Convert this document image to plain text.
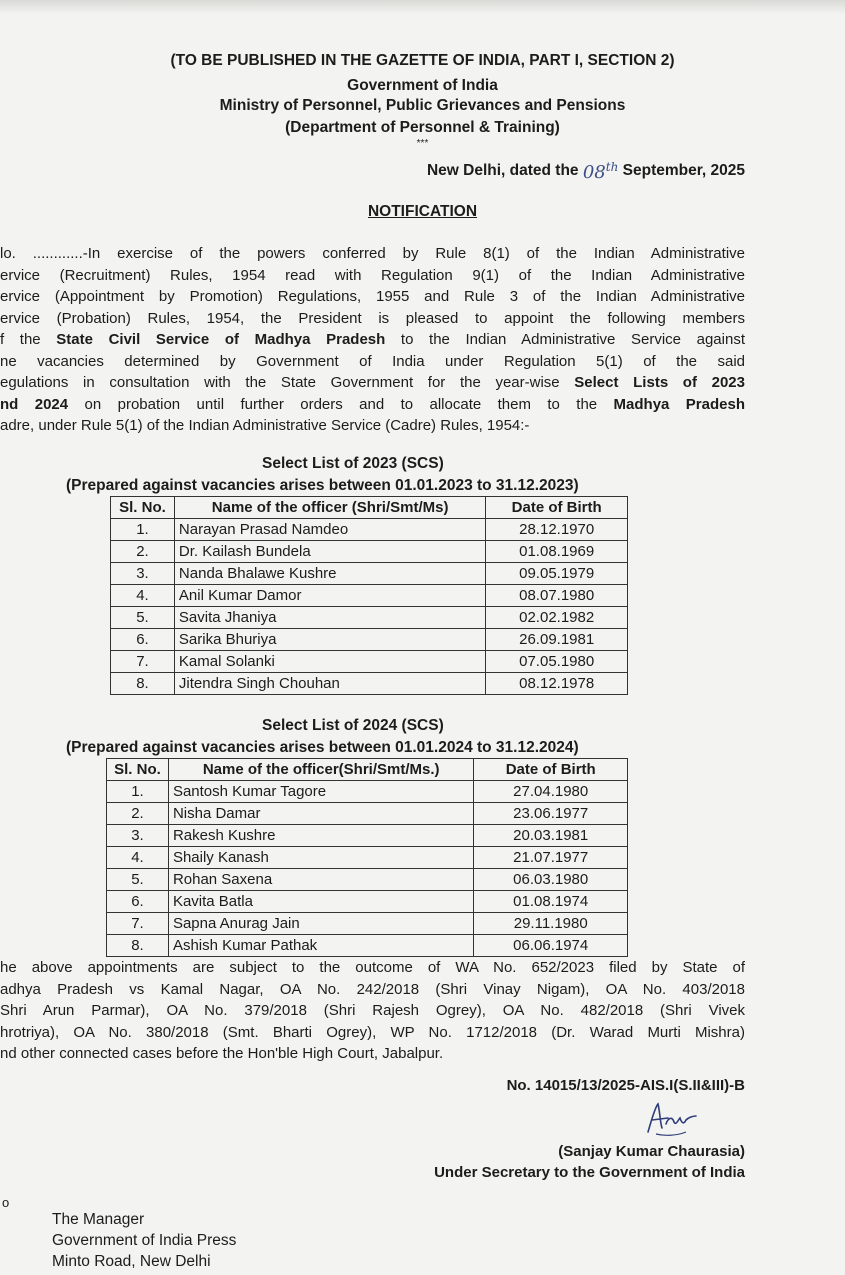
(TO BE PUBLISHED IN THE GAZETTE OF INDIA, PART I, SECTION 2)
Government of India
Ministry of Personnel, Public Grievances and Pensions
(Department of Personnel & Training)
***
New Delhi, dated the 08th September, 2025
NOTIFICATION
lo. ............-In exercise of the powers conferred by Rule 8(1) of the Indian Administrative
ervice (Recruitment) Rules, 1954 read with Regulation 9(1) of the Indian Administrative
ervice (Appointment by Promotion) Regulations, 1955 and Rule 3 of the Indian Administrative
ervice (Probation) Rules, 1954, the President is pleased to appoint the following members
f the State Civil Service of Madhya Pradesh to the Indian Administrative Service against
ne vacancies determined by Government of India under Regulation 5(1) of the said
egulations in consultation with the State Government for the year-wise Select Lists of 2023
nd 2024 on probation until further orders and to allocate them to the Madhya Pradesh
adre, under Rule 5(1) of the Indian Administrative Service (Cadre) Rules, 1954:-
Select List of 2023 (SCS)
(Prepared against vacancies arises between 01.01.2023 to 31.12.2023)
Sl. No.	Name of the officer (Shri/Smt/Ms)	Date of Birth
1.	Narayan Prasad Namdeo	28.12.1970
2.	Dr. Kailash Bundela	01.08.1969
3.	Nanda Bhalawe Kushre	09.05.1979
4.	Anil Kumar Damor	08.07.1980
5.	Savita Jhaniya	02.02.1982
6.	Sarika Bhuriya	26.09.1981
7.	Kamal Solanki	07.05.1980
8.	Jitendra Singh Chouhan	08.12.1978
Select List of 2024 (SCS)
(Prepared against vacancies arises between 01.01.2024 to 31.12.2024)
Sl. No.	Name of the officer(Shri/Smt/Ms.)	Date of Birth
1.	Santosh Kumar Tagore	27.04.1980
2.	Nisha Damar	23.06.1977
3.	Rakesh Kushre	20.03.1981
4.	Shaily Kanash	21.07.1977
5.	Rohan Saxena	06.03.1980
6.	Kavita Batla	01.08.1974
7.	Sapna Anurag Jain	29.11.1980
8.	Ashish Kumar Pathak	06.06.1974
he above appointments are subject to the outcome of WA No. 652/2023 filed by State of
adhya Pradesh vs Kamal Nagar, OA No. 242/2018 (Shri Vinay Nigam), OA No. 403/2018
Shri Arun Parmar), OA No. 379/2018 (Shri Rajesh Ogrey), OA No. 482/2018 (Shri Vivek
hrotriya), OA No. 380/2018 (Smt. Bharti Ogrey), WP No. 1712/2018 (Dr. Warad Murti Mishra)
nd other connected cases before the Hon'ble High Court, Jabalpur.
No. 14015/13/2025-AIS.I(S.II&III)-B
(Sanjay Kumar Chaurasia)
Under Secretary to the Government of India
o
The Manager
Government of India Press
Minto Road, New Delhi
